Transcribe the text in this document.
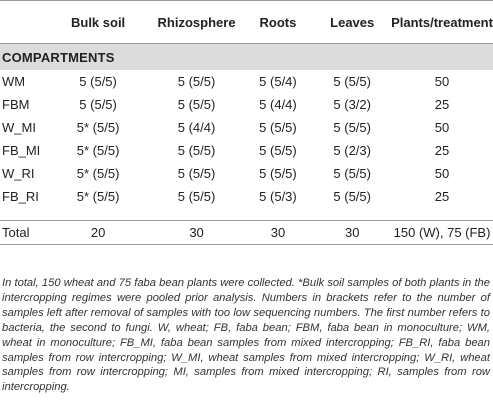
	Bulk soil	Rhizosphere	Roots	Leaves	Plants/treatment
COMPARTMENTS					
WM	5 (5/5)	5 (5/5)	5 (5/4)	5 (5/5)	50
FBM	5 (5/5)	5 (5/5)	5 (4/4)	5 (3/2)	25
W_MI	5* (5/5)	5 (4/4)	5 (5/5)	5 (5/5)	50
FB_MI	5* (5/5)	5 (5/5)	5 (5/5)	5 (2/3)	25
W_RI	5* (5/5)	5 (5/5)	5 (5/5)	5 (5/5)	50
FB_RI	5* (5/5)	5 (5/5)	5 (5/3)	5 (5/5)	25

Total	20	30	30	30	150 (W), 75 (FB)

In total, 150 wheat and 75 faba bean plants were collected. *Bulk soil samples of both plants in the intercropping regimes were pooled prior analysis. Numbers in brackets refer to the number of samples left after removal of samples with too low sequencing numbers. The first number refers to bacteria, the second to fungi. W, wheat; FB, faba bean; FBM, faba bean in monoculture; WM, wheat in monoculture; FB_MI, faba bean samples from mixed intercropping; FB_RI, faba bean samples from row intercropping; W_MI, wheat samples from mixed intercropping; W_RI, wheat samples from row intercropping; MI, samples from mixed intercropping; RI, samples from row intercropping.
